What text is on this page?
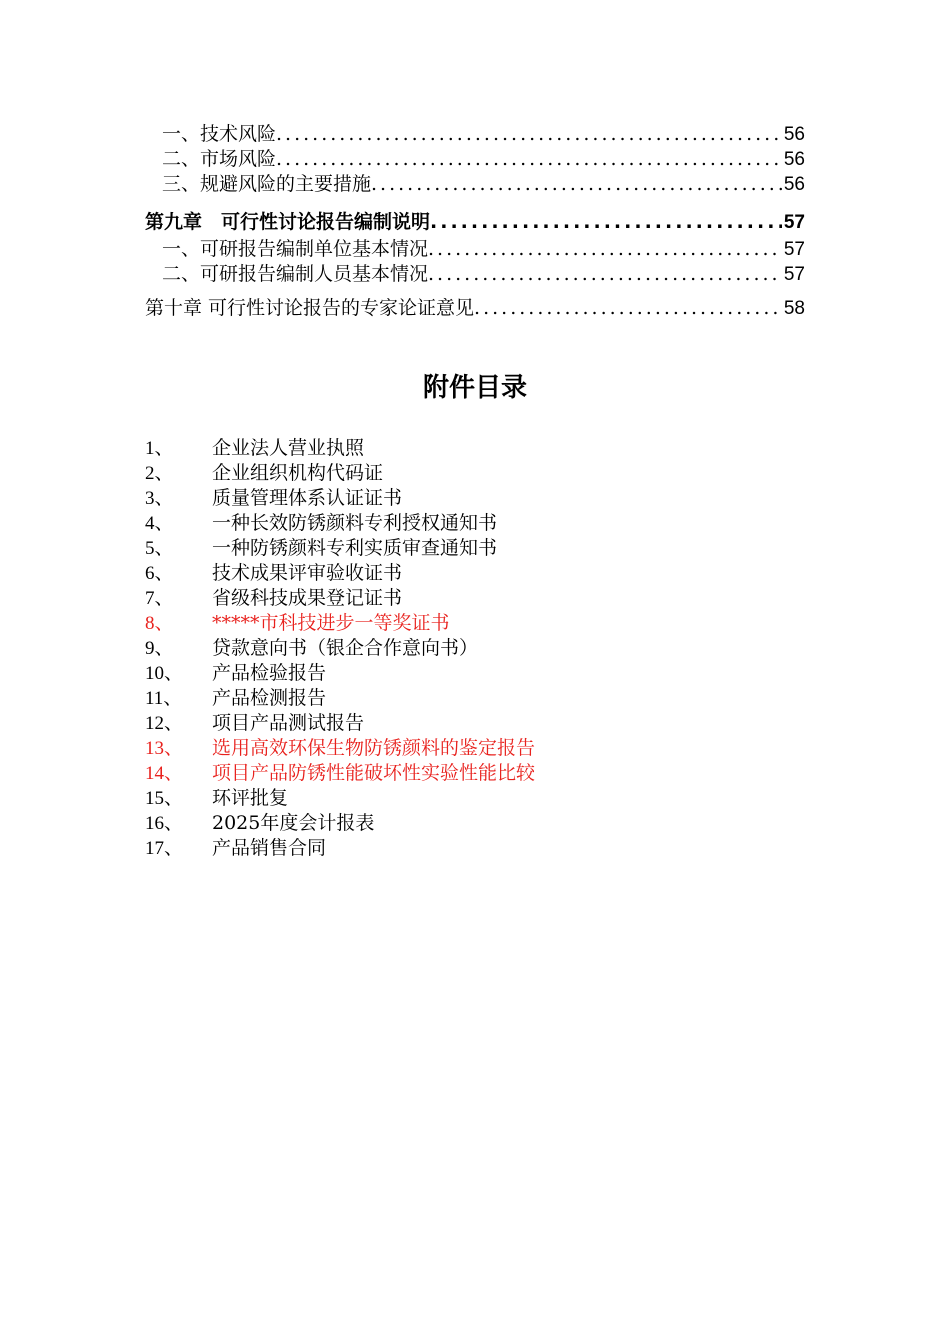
一、技术风险 .....	56
二、市场风险 .....	56
三、规避风险的主要措施 .....	56
第九章　可行性讨论报告编制说明 .....	57
一、可研报告编制单位基本情况 .....	57
二、可研报告编制人员基本情况 .....	57
第十章 可行性讨论报告的专家论证意见 .....	58
附件目录
1、	企业法人营业执照
2、	企业组织机构代码证
3、	质量管理体系认证证书
4、	一种长效防锈颜料专利授权通知书
5、	一种防锈颜料专利实质审查通知书
6、	技术成果评审验收证书
7、	省级科技成果登记证书
8、	*****市科技进步一等奖证书
9、	贷款意向书（银企合作意向书）
10、	产品检验报告
11、	产品检测报告
12、	项目产品测试报告
13、	选用高效环保生物防锈颜料的鉴定报告
14、	项目产品防锈性能破坏性实验性能比较
15、	环评批复
16、	2025年度会计报表
17、	产品销售合同
